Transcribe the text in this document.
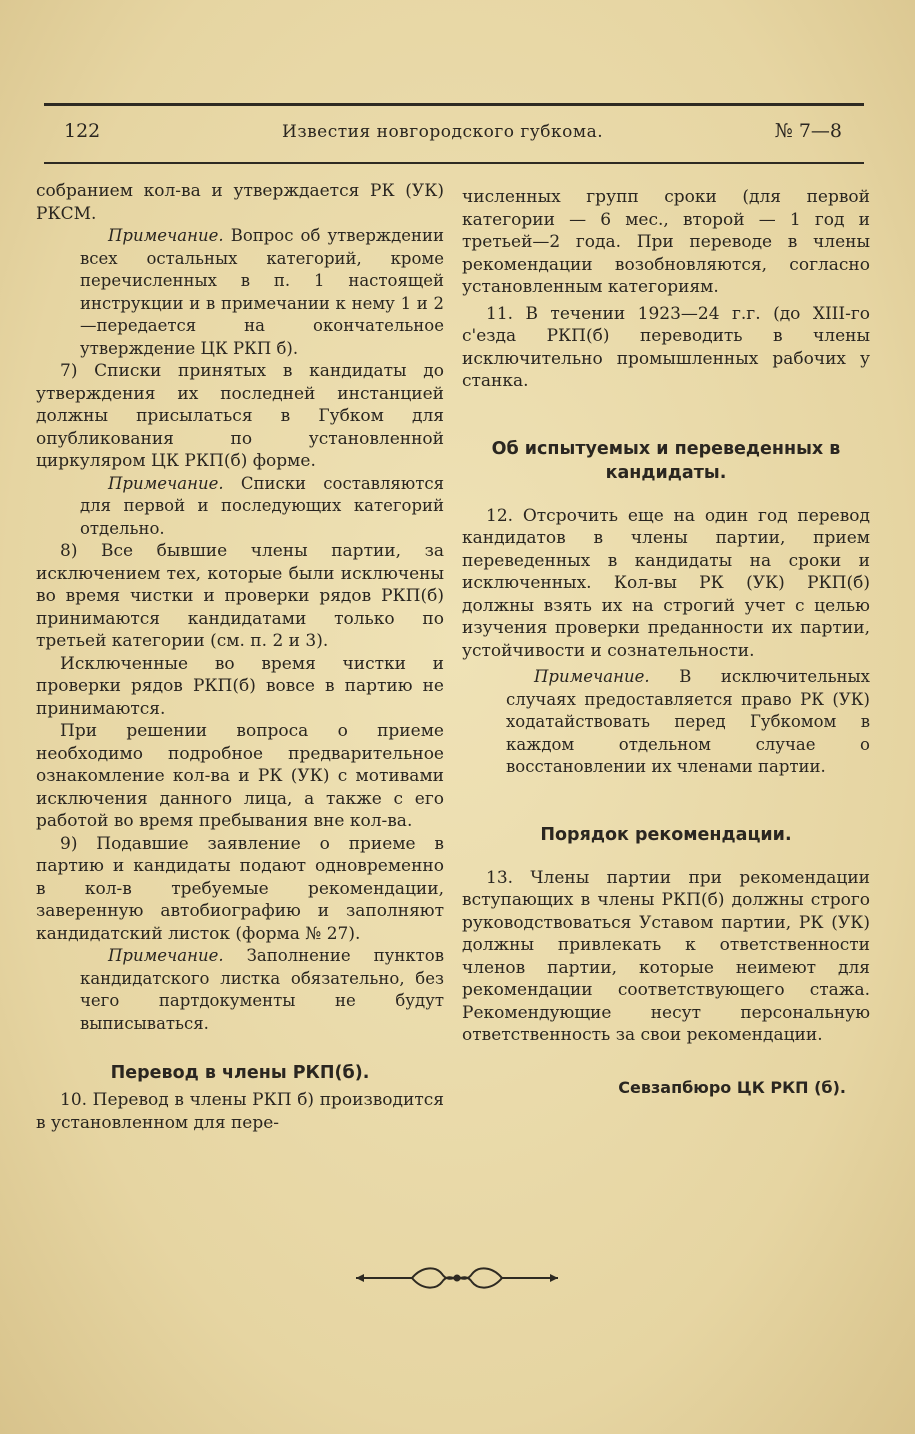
122	Известия новгородского губкома.	№ 7—8

собранием кол-ва и утверждается РК (УК) РКСМ.

Примечание. Вопрос об утверждении всех остальных категорий, кроме перечисленных в п. 1 настоящей инструкции и в примечании к нему 1 и 2—передается на окончательное утверждение ЦК РКП б).

7) Списки принятых в кандидаты до утверждения их последней инстанцией должны присылаться в Губком для опубликования по установленной циркуляром ЦК РКП(б) форме.

Примечание. Списки составляются для первой и последующих категорий отдельно.

8) Все бывшие члены партии, за исключением тех, которые были исключены во время чистки и проверки рядов РКП(б) принимаются кандидатами только по третьей категории (см. п. 2 и 3).

Исключенные во время чистки и проверки рядов РКП(б) вовсе в партию не принимаются.

При решении вопроса о приеме необходимо подробное предварительное ознакомление кол-ва и РК (УК) с мотивами исключения данного лица, а также с его работой во время пребывания вне кол-ва.

9) Подавшие заявление о приеме в партию и кандидаты подают одновременно в кол-в требуемые рекомендации, заверенную автобиографию и заполняют кандидатский листок (форма № 27).

Примечание. Заполнение пунктов кандидатского листка обязательно, без чего партдокументы не будут выписываться.

Перевод в члены РКП(б).

10. Перевод в члены РКП б) производится в установленном для пере-

численных групп сроки (для первой категории — 6 мес., второй — 1 год и третьей—2 года. При переводе в члены рекомендации возобновляются, согласно установленным категориям.

11. В течении 1923—24 г.г. (до XIII-го с'езда РКП(б) переводить в члены исключительно промышленных рабочих у станка.

Об испытуемых и переведенных в кандидаты.

12. Отсрочить еще на один год перевод кандидатов в члены партии, прием переведенных в кандидаты на сроки и исключенных. Кол-вы РК (УК) РКП(б) должны взять их на строгий учет с целью изучения проверки преданности их партии, устойчивости и сознательности.

Примечание. В исключительных случаях предоставляется право РК (УК) ходатайствовать перед Губкомом в каждом отдельном случае о восстановлении их членами партии.

Порядок рекомендации.

13. Члены партии при рекомендации вступающих в члены РКП(б) должны строго руководствоваться Уставом партии, РК (УК) должны привлекать к ответственности членов партии, которые неимеют для рекомендации соответствующего стажа. Рекомендующие несут персональную ответственность за свои рекомендации.

Севзапбюро ЦК РКП (б).
